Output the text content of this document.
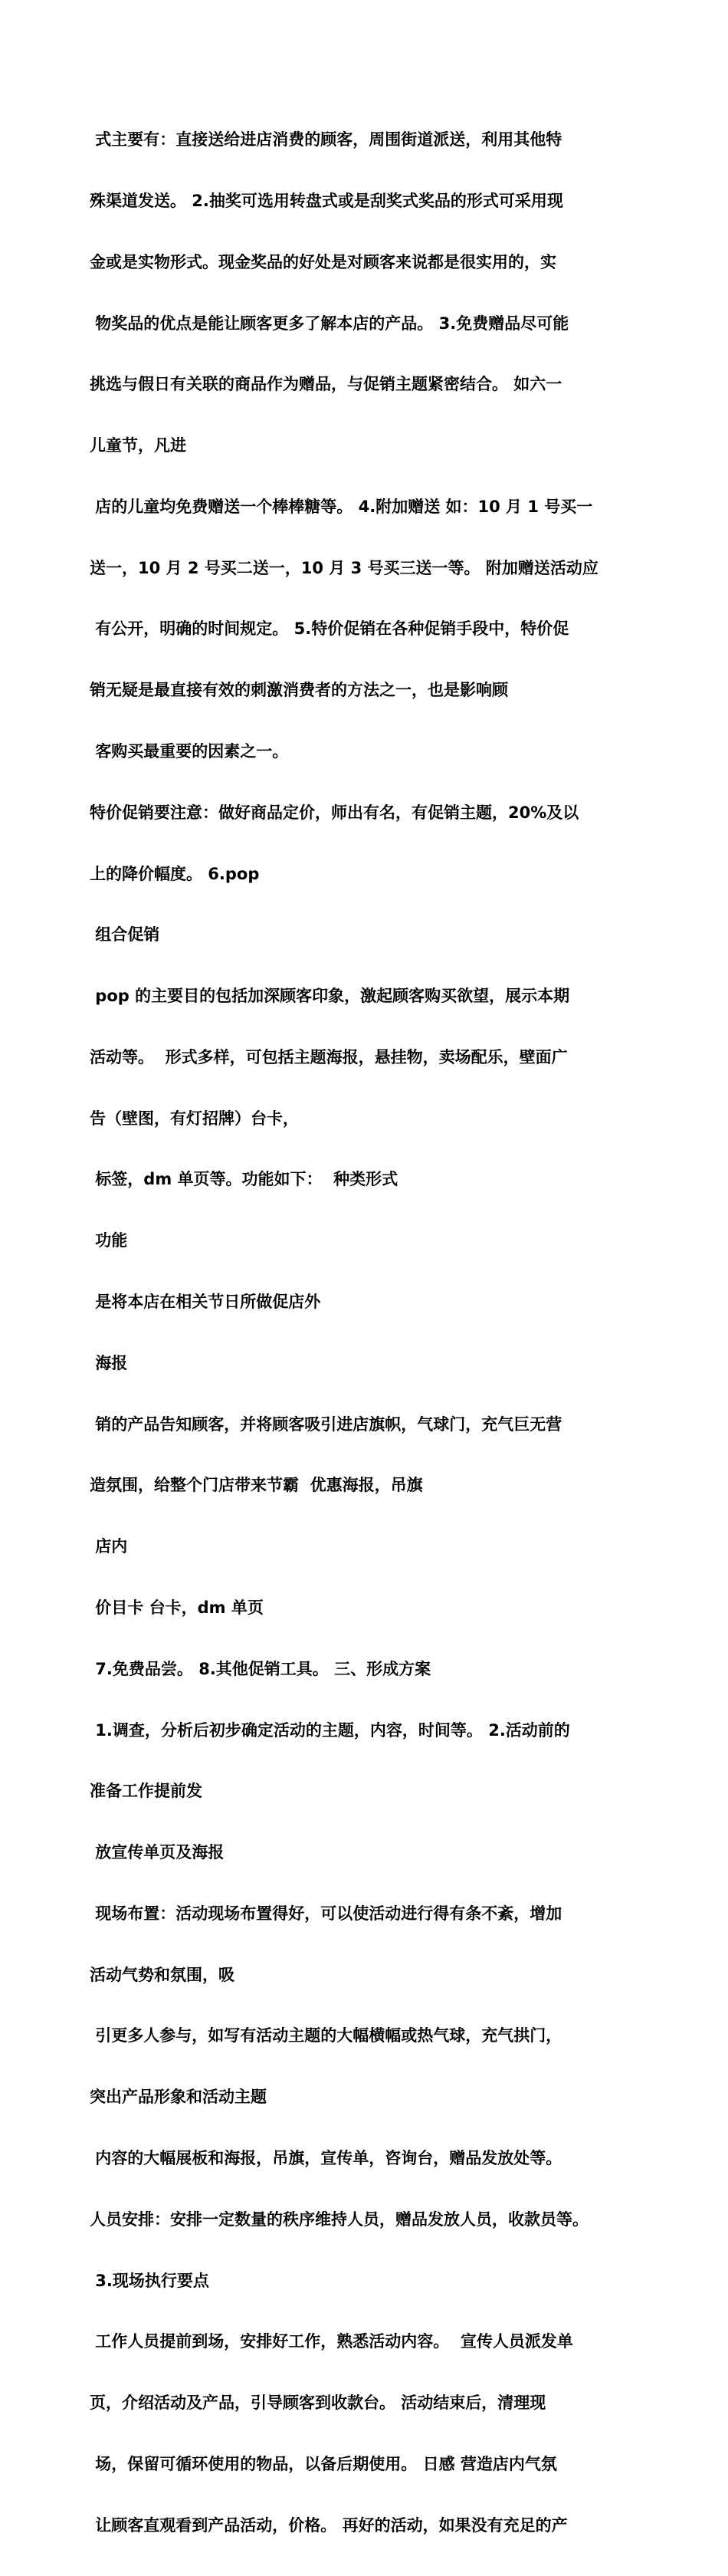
式主要有：直接送给进店消费的顾客，周围街道派送，利用其他特

殊渠道发送。 2.抽奖可选用转盘式或是刮奖式奖品的形式可采用现

金或是实物形式。现金奖品的好处是对顾客来说都是很实用的，实

物奖品的优点是能让顾客更多了解本店的产品。 3.免费赠品尽可能

挑选与假日有关联的商品作为赠品，与促销主题紧密结合。 如六一

儿童节，凡进

店的儿童均免费赠送一个棒棒糖等。 4.附加赠送 如：10 月 1 号买一

送一，10 月 2 号买二送一，10 月 3 号买三送一等。 附加赠送活动应

有公开，明确的时间规定。 5.特价促销在各种促销手段中，特价促

销无疑是最直接有效的刺激消费者的方法之一，也是影响顾

客购买最重要的因素之一。

特价促销要注意：做好商品定价，师出有名，有促销主题，20%及以

上的降价幅度。 6.pop

组合促销

pop 的主要目的包括加深顾客印象，激起顾客购买欲望，展示本期

活动等。  形式多样，可包括主题海报，悬挂物，卖场配乐，壁面广

告（壁图，有灯招牌）台卡，

标签，dm 单页等。功能如下：  种类形式

功能

是将本店在相关节日所做促店外

海报

销的产品告知顾客，并将顾客吸引进店旗帜，气球门，充气巨无营

造氛围，给整个门店带来节霸  优惠海报，吊旗

店内

价目卡 台卡，dm 单页

7.免费品尝。 8.其他促销工具。 三、形成方案

1.调查，分析后初步确定活动的主题，内容，时间等。 2.活动前的

准备工作提前发

放宣传单页及海报

现场布置：活动现场布置得好，可以使活动进行得有条不紊，增加

活动气势和氛围，吸

引更多人参与，如写有活动主题的大幅横幅或热气球，充气拱门，

突出产品形象和活动主题

内容的大幅展板和海报，吊旗，宣传单，咨询台，赠品发放处等。

人员安排：安排一定数量的秩序维持人员，赠品发放人员，收款员等。

3.现场执行要点

工作人员提前到场，安排好工作，熟悉活动内容。  宣传人员派发单

页，介绍活动及产品，引导顾客到收款台。 活动结束后，清理现

场，保留可循环使用的物品，以备后期使用。 日感 营造店内气氛

让顾客直观看到产品活动，价格。 再好的活动，如果没有充足的产
